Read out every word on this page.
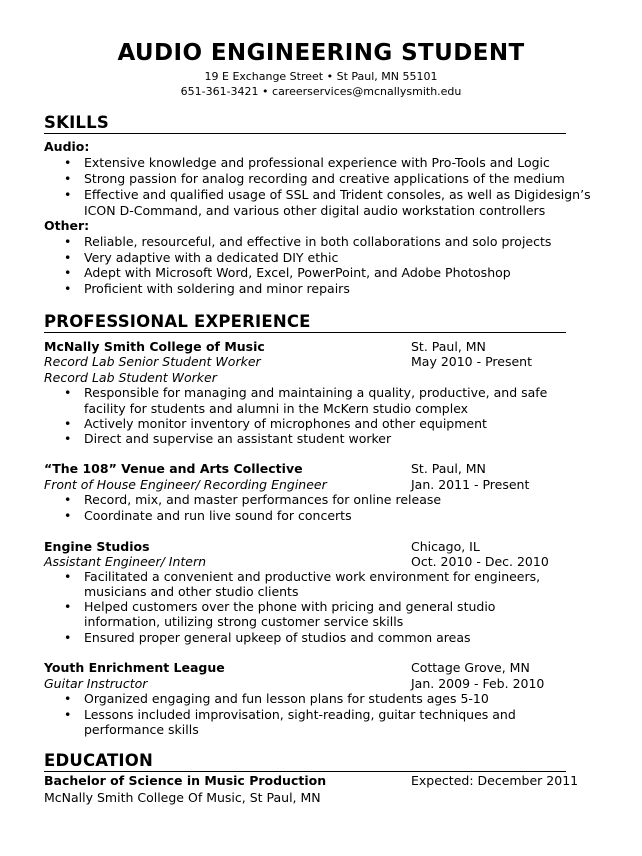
AUDIO ENGINEERING STUDENT
19 E Exchange Street • St Paul, MN 55101
651-361-3421 • careerservices@mcnallysmith.edu
SKILLS
Audio:
• Extensive knowledge and professional experience with Pro-Tools and Logic
• Strong passion for analog recording and creative applications of the medium
• Effective and qualified usage of SSL and Trident consoles, as well as Digidesign’s
ICON D-Command, and various other digital audio workstation controllers
Other:
• Reliable, resourceful, and effective in both collaborations and solo projects
• Very adaptive with a dedicated DIY ethic
• Adept with Microsoft Word, Excel, PowerPoint, and Adobe Photoshop
• Proficient with soldering and minor repairs
PROFESSIONAL EXPERIENCE
McNally Smith College of Music	St. Paul, MN
Record Lab Senior Student Worker	May 2010 - Present
Record Lab Student Worker
• Responsible for managing and maintaining a quality, productive, and safe
facility for students and alumni in the McKern studio complex
• Actively monitor inventory of microphones and other equipment
• Direct and supervise an assistant student worker
“The 108” Venue and Arts Collective	St. Paul, MN
Front of House Engineer/ Recording Engineer	Jan. 2011 - Present
• Record, mix, and master performances for online release
• Coordinate and run live sound for concerts
Engine Studios	Chicago, IL
Assistant Engineer/ Intern	Oct. 2010 - Dec. 2010
• Facilitated a convenient and productive work environment for engineers,
musicians and other studio clients
• Helped customers over the phone with pricing and general studio
information, utilizing strong customer service skills
• Ensured proper general upkeep of studios and common areas
Youth Enrichment League	Cottage Grove, MN
Guitar Instructor	Jan. 2009 - Feb. 2010
• Organized engaging and fun lesson plans for students ages 5-10
• Lessons included improvisation, sight-reading, guitar techniques and
performance skills
EDUCATION
Bachelor of Science in Music Production	Expected: December 2011
McNally Smith College Of Music, St Paul, MN
